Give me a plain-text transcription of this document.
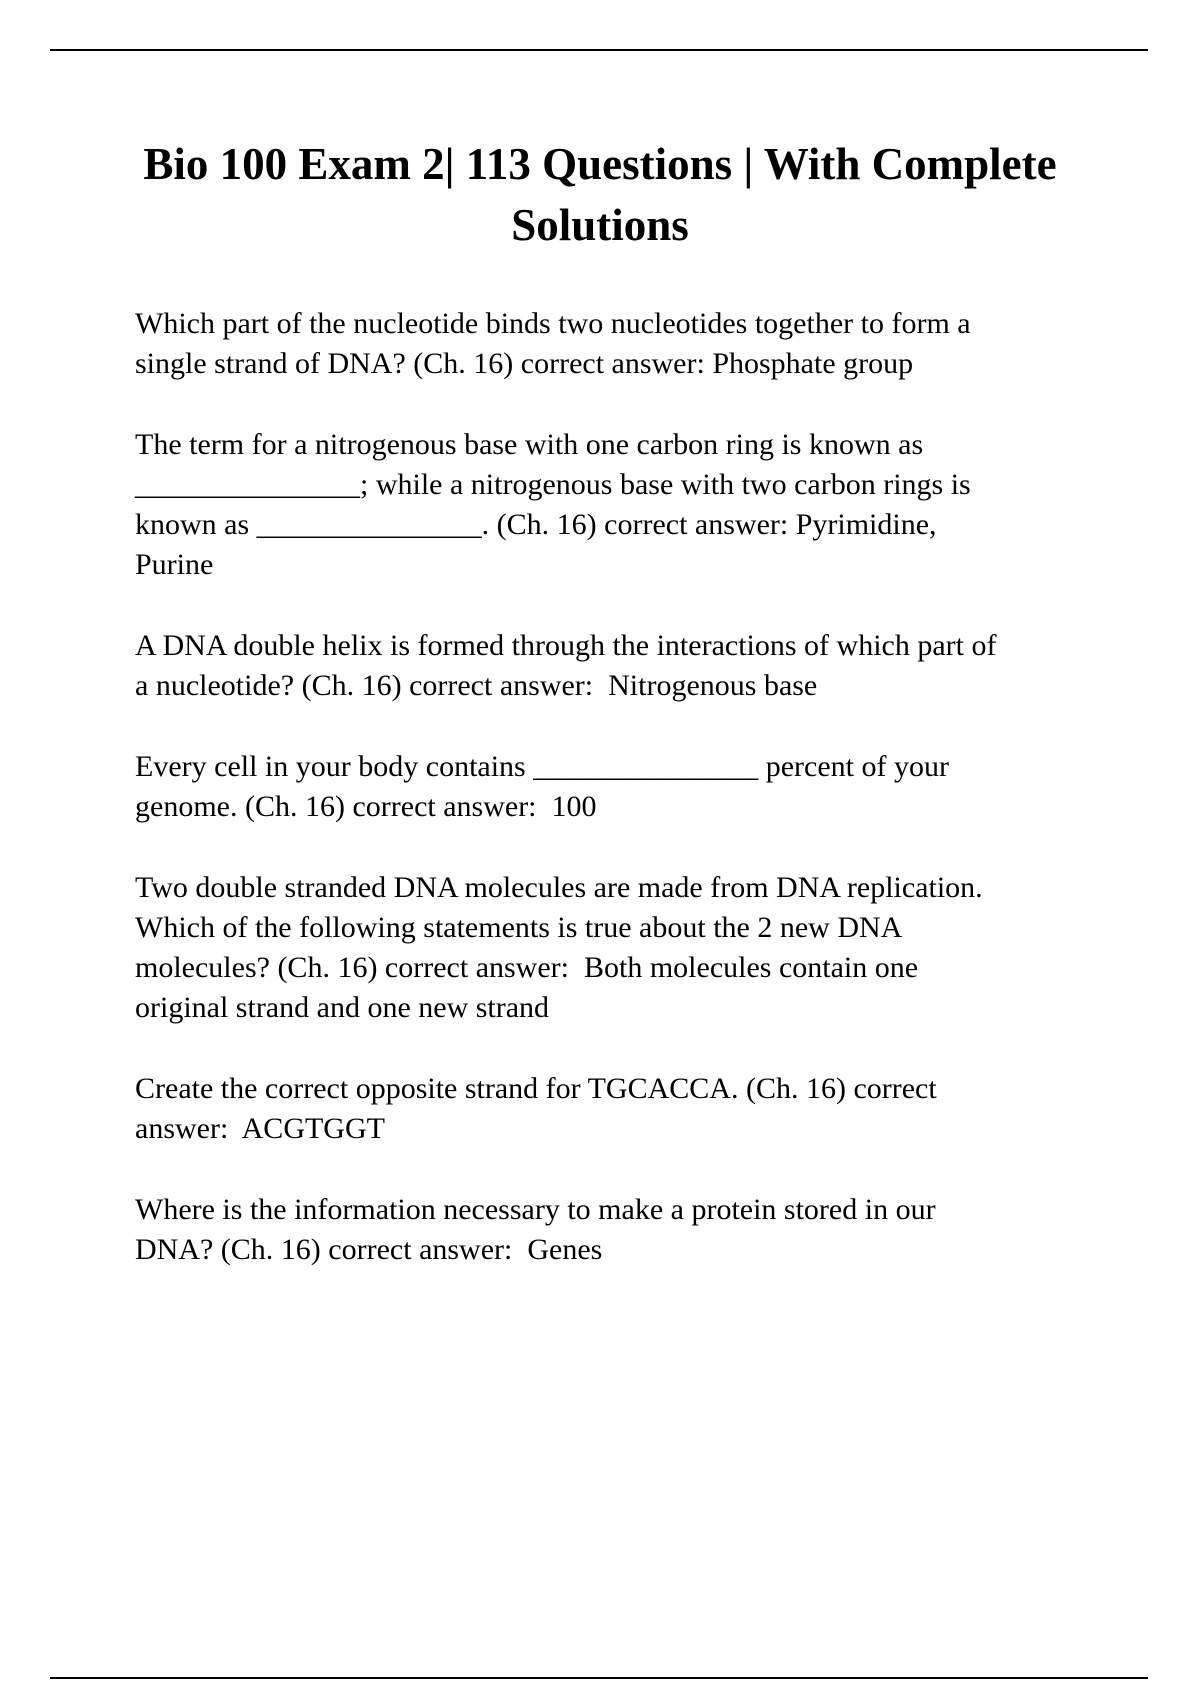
Bio 100 Exam 2| 113 Questions | With Complete Solutions

Which part of the nucleotide binds two nucleotides together to form a single strand of DNA? (Ch. 16) correct answer: Phosphate group

The term for a nitrogenous base with one carbon ring is known as _______________; while a nitrogenous base with two carbon rings is known as _______________. (Ch. 16) correct answer: Pyrimidine, Purine

A DNA double helix is formed through the interactions of which part of a nucleotide? (Ch. 16) correct answer:  Nitrogenous base

Every cell in your body contains _______________ percent of your genome. (Ch. 16) correct answer:  100

Two double stranded DNA molecules are made from DNA replication. Which of the following statements is true about the 2 new DNA molecules? (Ch. 16) correct answer:  Both molecules contain one original strand and one new strand

Create the correct opposite strand for TGCACCA. (Ch. 16) correct answer:  ACGTGGT

Where is the information necessary to make a protein stored in our DNA? (Ch. 16) correct answer:  Genes
